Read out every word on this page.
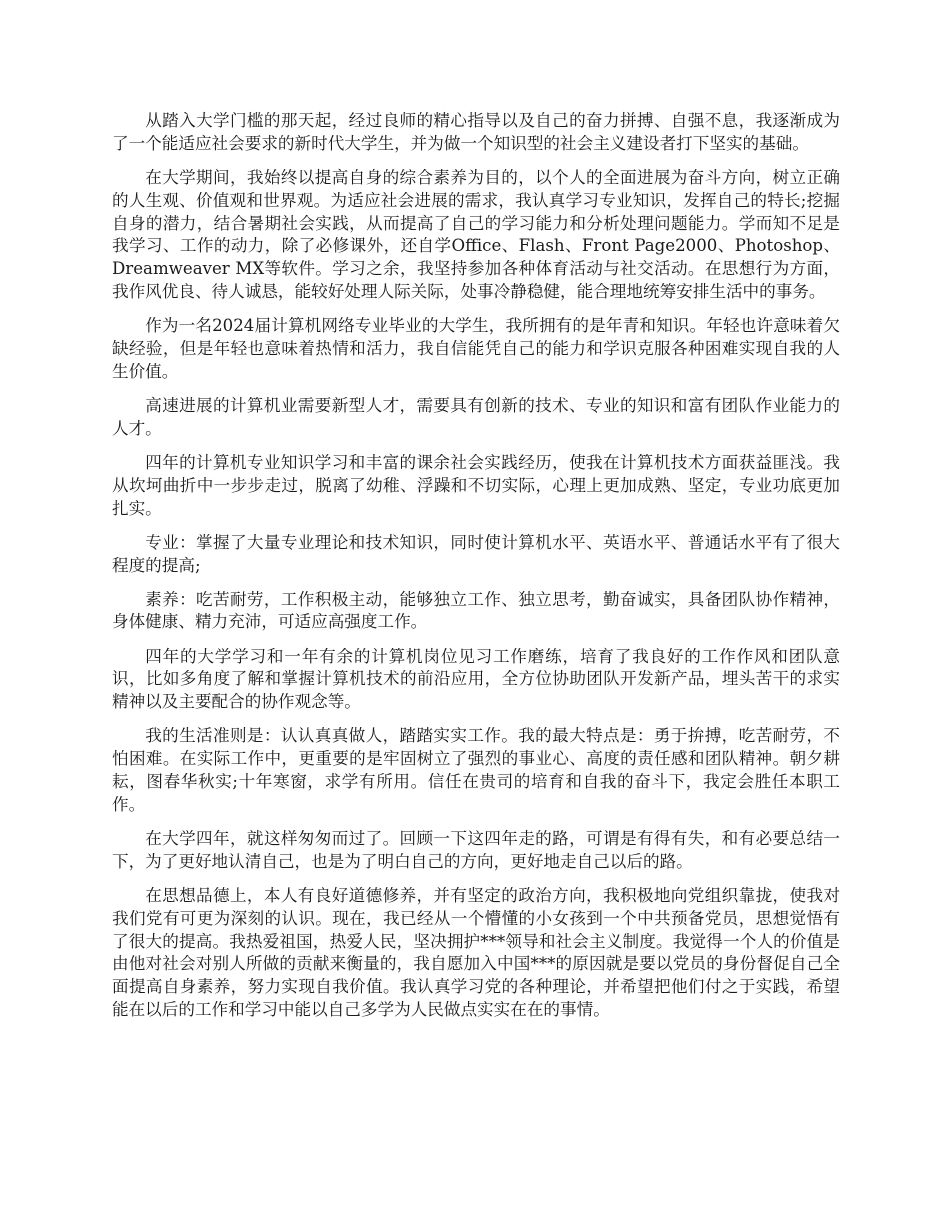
从踏入大学门槛的那天起，经过良师的精心指导以及自己的奋力拼搏、自强不息，我逐渐成为了一个能适应社会要求的新时代大学生，并为做一个知识型的社会主义建设者打下坚实的基础。

在大学期间，我始终以提高自身的综合素养为目的，以个人的全面进展为奋斗方向，树立正确的人生观、价值观和世界观。为适应社会进展的需求，我认真学习专业知识，发挥自己的特长;挖掘自身的潜力，结合暑期社会实践，从而提高了自己的学习能力和分析处理问题能力。学而知不足是我学习、工作的动力，除了必修课外，还自学Office、Flash、Front Page2000、Photoshop、Dreamweaver MX等软件。学习之余，我坚持参加各种体育活动与社交活动。在思想行为方面，我作风优良、待人诚恳，能较好处理人际关际，处事冷静稳健，能合理地统筹安排生活中的事务。

作为一名2024届计算机网络专业毕业的大学生，我所拥有的是年青和知识。年轻也许意味着欠缺经验，但是年轻也意味着热情和活力，我自信能凭自己的能力和学识克服各种困难实现自我的人生价值。

高速进展的计算机业需要新型人才，需要具有创新的技术、专业的知识和富有团队作业能力的人才。

四年的计算机专业知识学习和丰富的课余社会实践经历，使我在计算机技术方面获益匪浅。我从坎坷曲折中一步步走过，脱离了幼稚、浮躁和不切实际，心理上更加成熟、坚定，专业功底更加扎实。

专业：掌握了大量专业理论和技术知识，同时使计算机水平、英语水平、普通话水平有了很大程度的提高;

素养：吃苦耐劳，工作积极主动，能够独立工作、独立思考，勤奋诚实，具备团队协作精神，身体健康、精力充沛，可适应高强度工作。

四年的大学学习和一年有余的计算机岗位见习工作磨练，培育了我良好的工作作风和团队意识，比如多角度了解和掌握计算机技术的前沿应用，全方位协助团队开发新产品，埋头苦干的求实精神以及主要配合的协作观念等。

我的生活准则是：认认真真做人，踏踏实实工作。我的最大特点是：勇于拚搏，吃苦耐劳，不怕困难。在实际工作中，更重要的是牢固树立了强烈的事业心、高度的责任感和团队精神。朝夕耕耘，图春华秋实;十年寒窗，求学有所用。信任在贵司的培育和自我的奋斗下，我定会胜任本职工作。

在大学四年，就这样匆匆而过了。回顾一下这四年走的路，可谓是有得有失，和有必要总结一下，为了更好地认清自己，也是为了明白自己的方向，更好地走自己以后的路。

在思想品德上，本人有良好道德修养，并有坚定的政治方向，我积极地向党组织靠拢，使我对我们党有可更为深刻的认识。现在，我已经从一个懵懂的小女孩到一个中共预备党员，思想觉悟有了很大的提高。我热爱祖国，热爱人民，坚决拥护***领导和社会主义制度。我觉得一个人的价值是由他对社会对别人所做的贡献来衡量的，我自愿加入中国***的原因就是要以党员的身份督促自己全面提高自身素养，努力实现自我价值。我认真学习党的各种理论，并希望把他们付之于实践，希望能在以后的工作和学习中能以自己多学为人民做点实实在在的事情。
